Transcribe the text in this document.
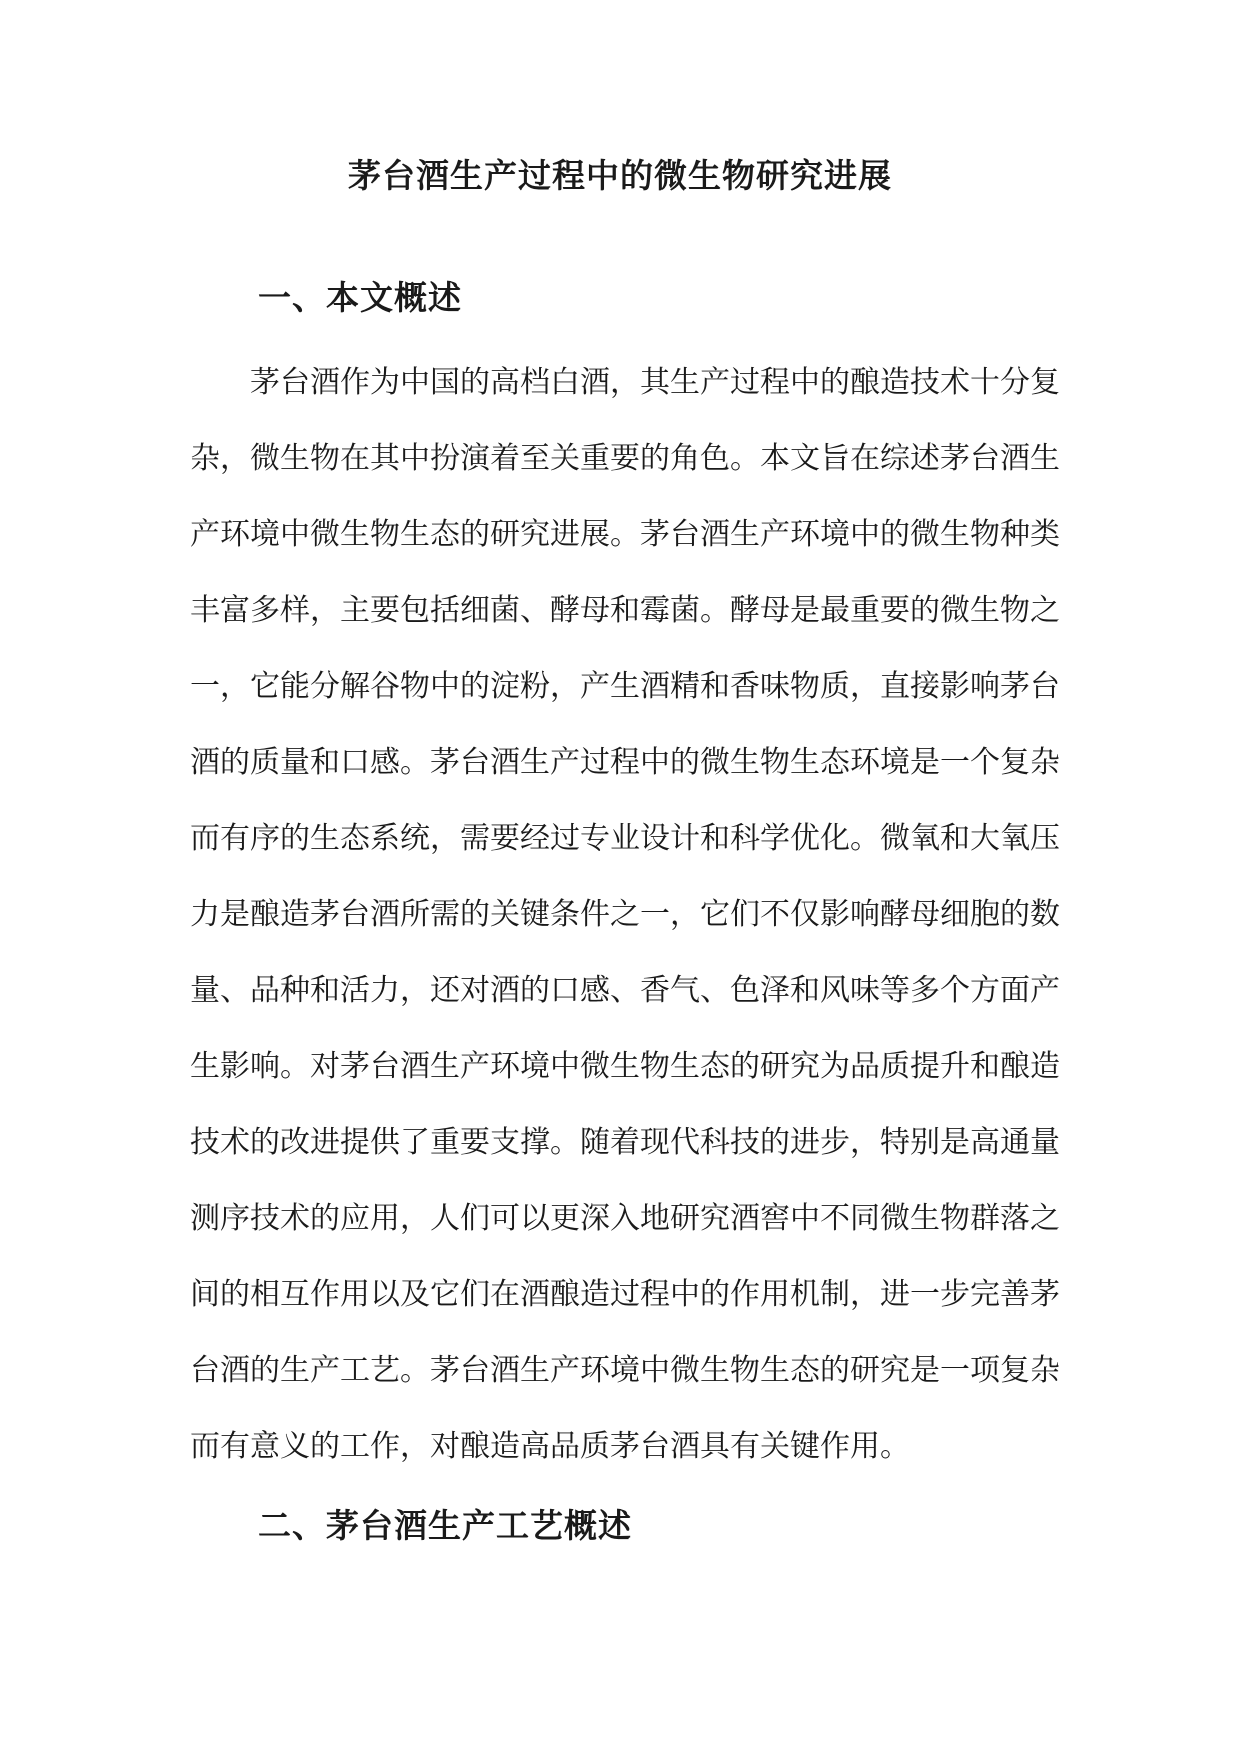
茅台酒生产过程中的微生物研究进展
一、本文概述
茅台酒作为中国的高档白酒，其生产过程中的酿造技术十分复
杂，微生物在其中扮演着至关重要的角色。本文旨在综述茅台酒生
产环境中微生物生态的研究进展。茅台酒生产环境中的微生物种类
丰富多样，主要包括细菌、酵母和霉菌。酵母是最重要的微生物之
一，它能分解谷物中的淀粉，产生酒精和香味物质，直接影响茅台
酒的质量和口感。茅台酒生产过程中的微生物生态环境是一个复杂
而有序的生态系统，需要经过专业设计和科学优化。微氧和大氧压
力是酿造茅台酒所需的关键条件之一，它们不仅影响酵母细胞的数
量、品种和活力，还对酒的口感、香气、色泽和风味等多个方面产
生影响。对茅台酒生产环境中微生物生态的研究为品质提升和酿造
技术的改进提供了重要支撑。随着现代科技的进步，特别是高通量
测序技术的应用，人们可以更深入地研究酒窖中不同微生物群落之
间的相互作用以及它们在酒酿造过程中的作用机制，进一步完善茅
台酒的生产工艺。茅台酒生产环境中微生物生态的研究是一项复杂
而有意义的工作，对酿造高品质茅台酒具有关键作用。
二、茅台酒生产工艺概述
